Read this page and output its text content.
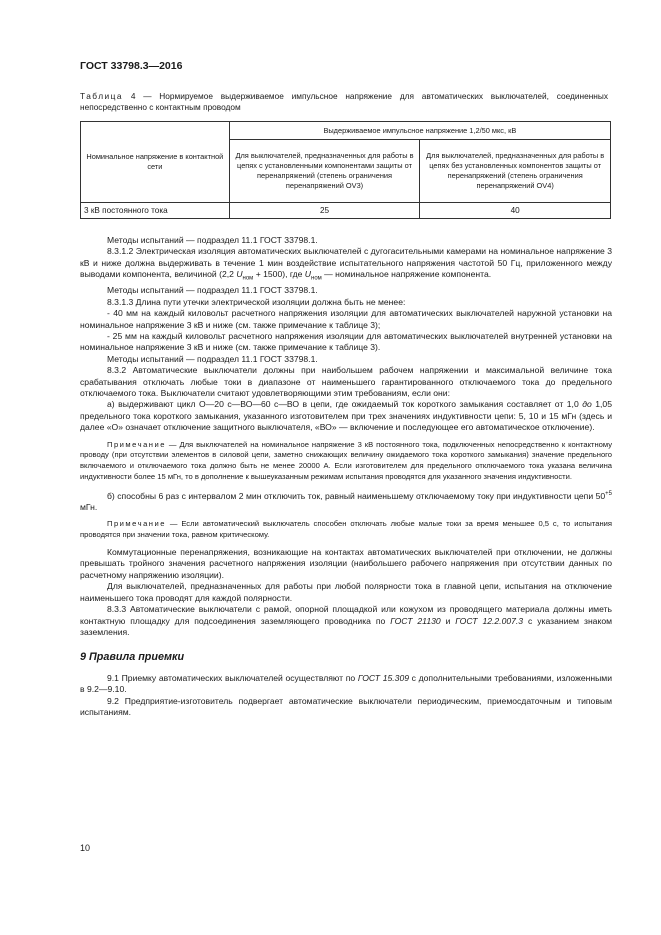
ГОСТ 33798.3—2016
Таблица 4 — Нормируемое выдерживаемое импульсное напряжение для автоматических выключателей, соединенных непосредственно с контактным проводом
Номинальное напряжение в контактной сети	Выдерживаемое импульсное напряжение 1,2/50 мкс, кВ	
	Для выключателей, предназначенных для работы в цепях с установленными компонентами защиты от перенапряжений (степень ограничения перенапряжений OV3)	Для выключателей, предназначенных для работы в цепях без установленных компонентов защиты от перенапряжений (степень ограничения перенапряжений OV4)
3 кВ постоянного тока	25	40

Методы испытаний — подраздел 11.1 ГОСТ 33798.1.

8.3.1.2 Электрическая изоляция автоматических выключателей с дугогасительными камерами на номинальное напряжение 3 кВ и ниже должна выдерживать в течение 1 мин воздействие испытательного напряжения частотой 50 Гц, приложенного между выводами компонента, величиной (2,2 $U_{ном} + 1500$), где $U_{ном}$ — номинальное напряжение компонента.

Методы испытаний — подраздел 11.1 ГОСТ 33798.1.

8.3.1.3 Длина пути утечки электрической изоляции должна быть не менее:

- 40 мм на каждый киловольт расчетного напряжения изоляции для автоматических выключателей наружной установки на номинальное напряжение 3 кВ и ниже (см. также примечание к таблице 3);

- 25 мм на каждый киловольт расчетного напряжения изоляции для автоматических выключателей внутренней установки на номинальное напряжение 3 кВ и ниже (см. также примечание к таблице 3).

Методы испытаний — подраздел 11.1 ГОСТ 33798.1.

8.3.2 Автоматические выключатели должны при наибольшем рабочем напряжении и максимальной величине тока срабатывания отключать любые токи в диапазоне от наименьшего гарантированного отключаемого тока до предельного отключаемого тока. Выключатели считают удовлетворяющими этим требованиям, если они:

а) выдерживают цикл О—20 с—ВО—60 с—ВО в цепи, где ожидаемый ток короткого замыкания составляет от 1,0 до 1,05 предельного тока короткого замыкания, указанного изготовителем при трех значениях индуктивности цепи: 5, 10 и 15 мГн (здесь и далее «О» означает отключение защитного выключателя, «ВО» — включение и последующее его автоматическое отключение).

Примечание — Для выключателей на номинальное напряжение 3 кВ постоянного тока, подключенных непосредственно к контактному проводу (при отсутствии элементов в силовой цепи, заметно снижающих величину ожидаемого тока короткого замыкания) значение предельного включаемого и отключаемого тока должно быть не менее 20000 А. Если изготовителем для предельного отключаемого тока указана величина индуктивности более 15 мГн, то в дополнение к вышеуказанным режимам испытания проводятся для указанного значения индуктивности.

б) способны 6 раз с интервалом 2 мин отключить ток, равный наименьшему отключаемому току при индуктивности цепи $50^{+5}$ мГн.

Примечание — Если автоматический выключатель способен отключать любые малые токи за время меньшее 0,5 с, то испытания проводятся при значении тока, равном критическому.

Коммутационные перенапряжения, возникающие на контактах автоматических выключателей при отключении, не должны превышать тройного значения расчетного напряжения изоляции (наибольшего рабочего напряжения при отсутствии данных по расчетному напряжению изоляции).

Для выключателей, предназначенных для работы при любой полярности тока в главной цепи, испытания на отключение наименьшего тока проводят для каждой полярности.

8.3.3 Автоматические выключатели с рамой, опорной площадкой или кожухом из проводящего материала должны иметь контактную площадку для подсоединения заземляющего проводника по ГОСТ 21130 и ГОСТ 12.2.007.3 с указанием знаком заземления.

9 Правила приемки

9.1 Приемку автоматических выключателей осуществляют по ГОСТ 15.309 с дополнительными требованиями, изложенными в 9.2—9.10.

9.2 Предприятие-изготовитель подвергает автоматические выключатели периодическим, приемосдаточным и типовым испытаниям.

10
